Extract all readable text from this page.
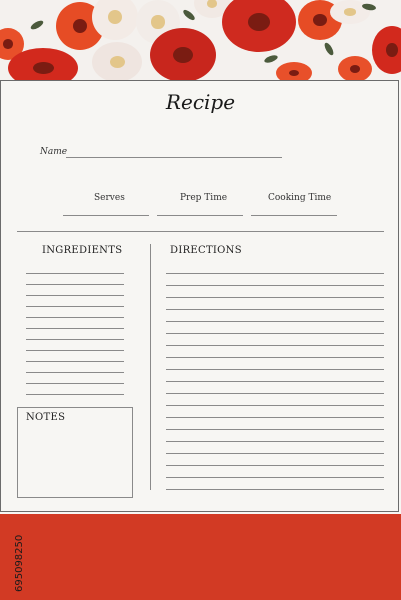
Recipe
Name
Serves	Prep Time	Cooking Time
INGREDIENTS	DIRECTIONS
NOTES
695098250
